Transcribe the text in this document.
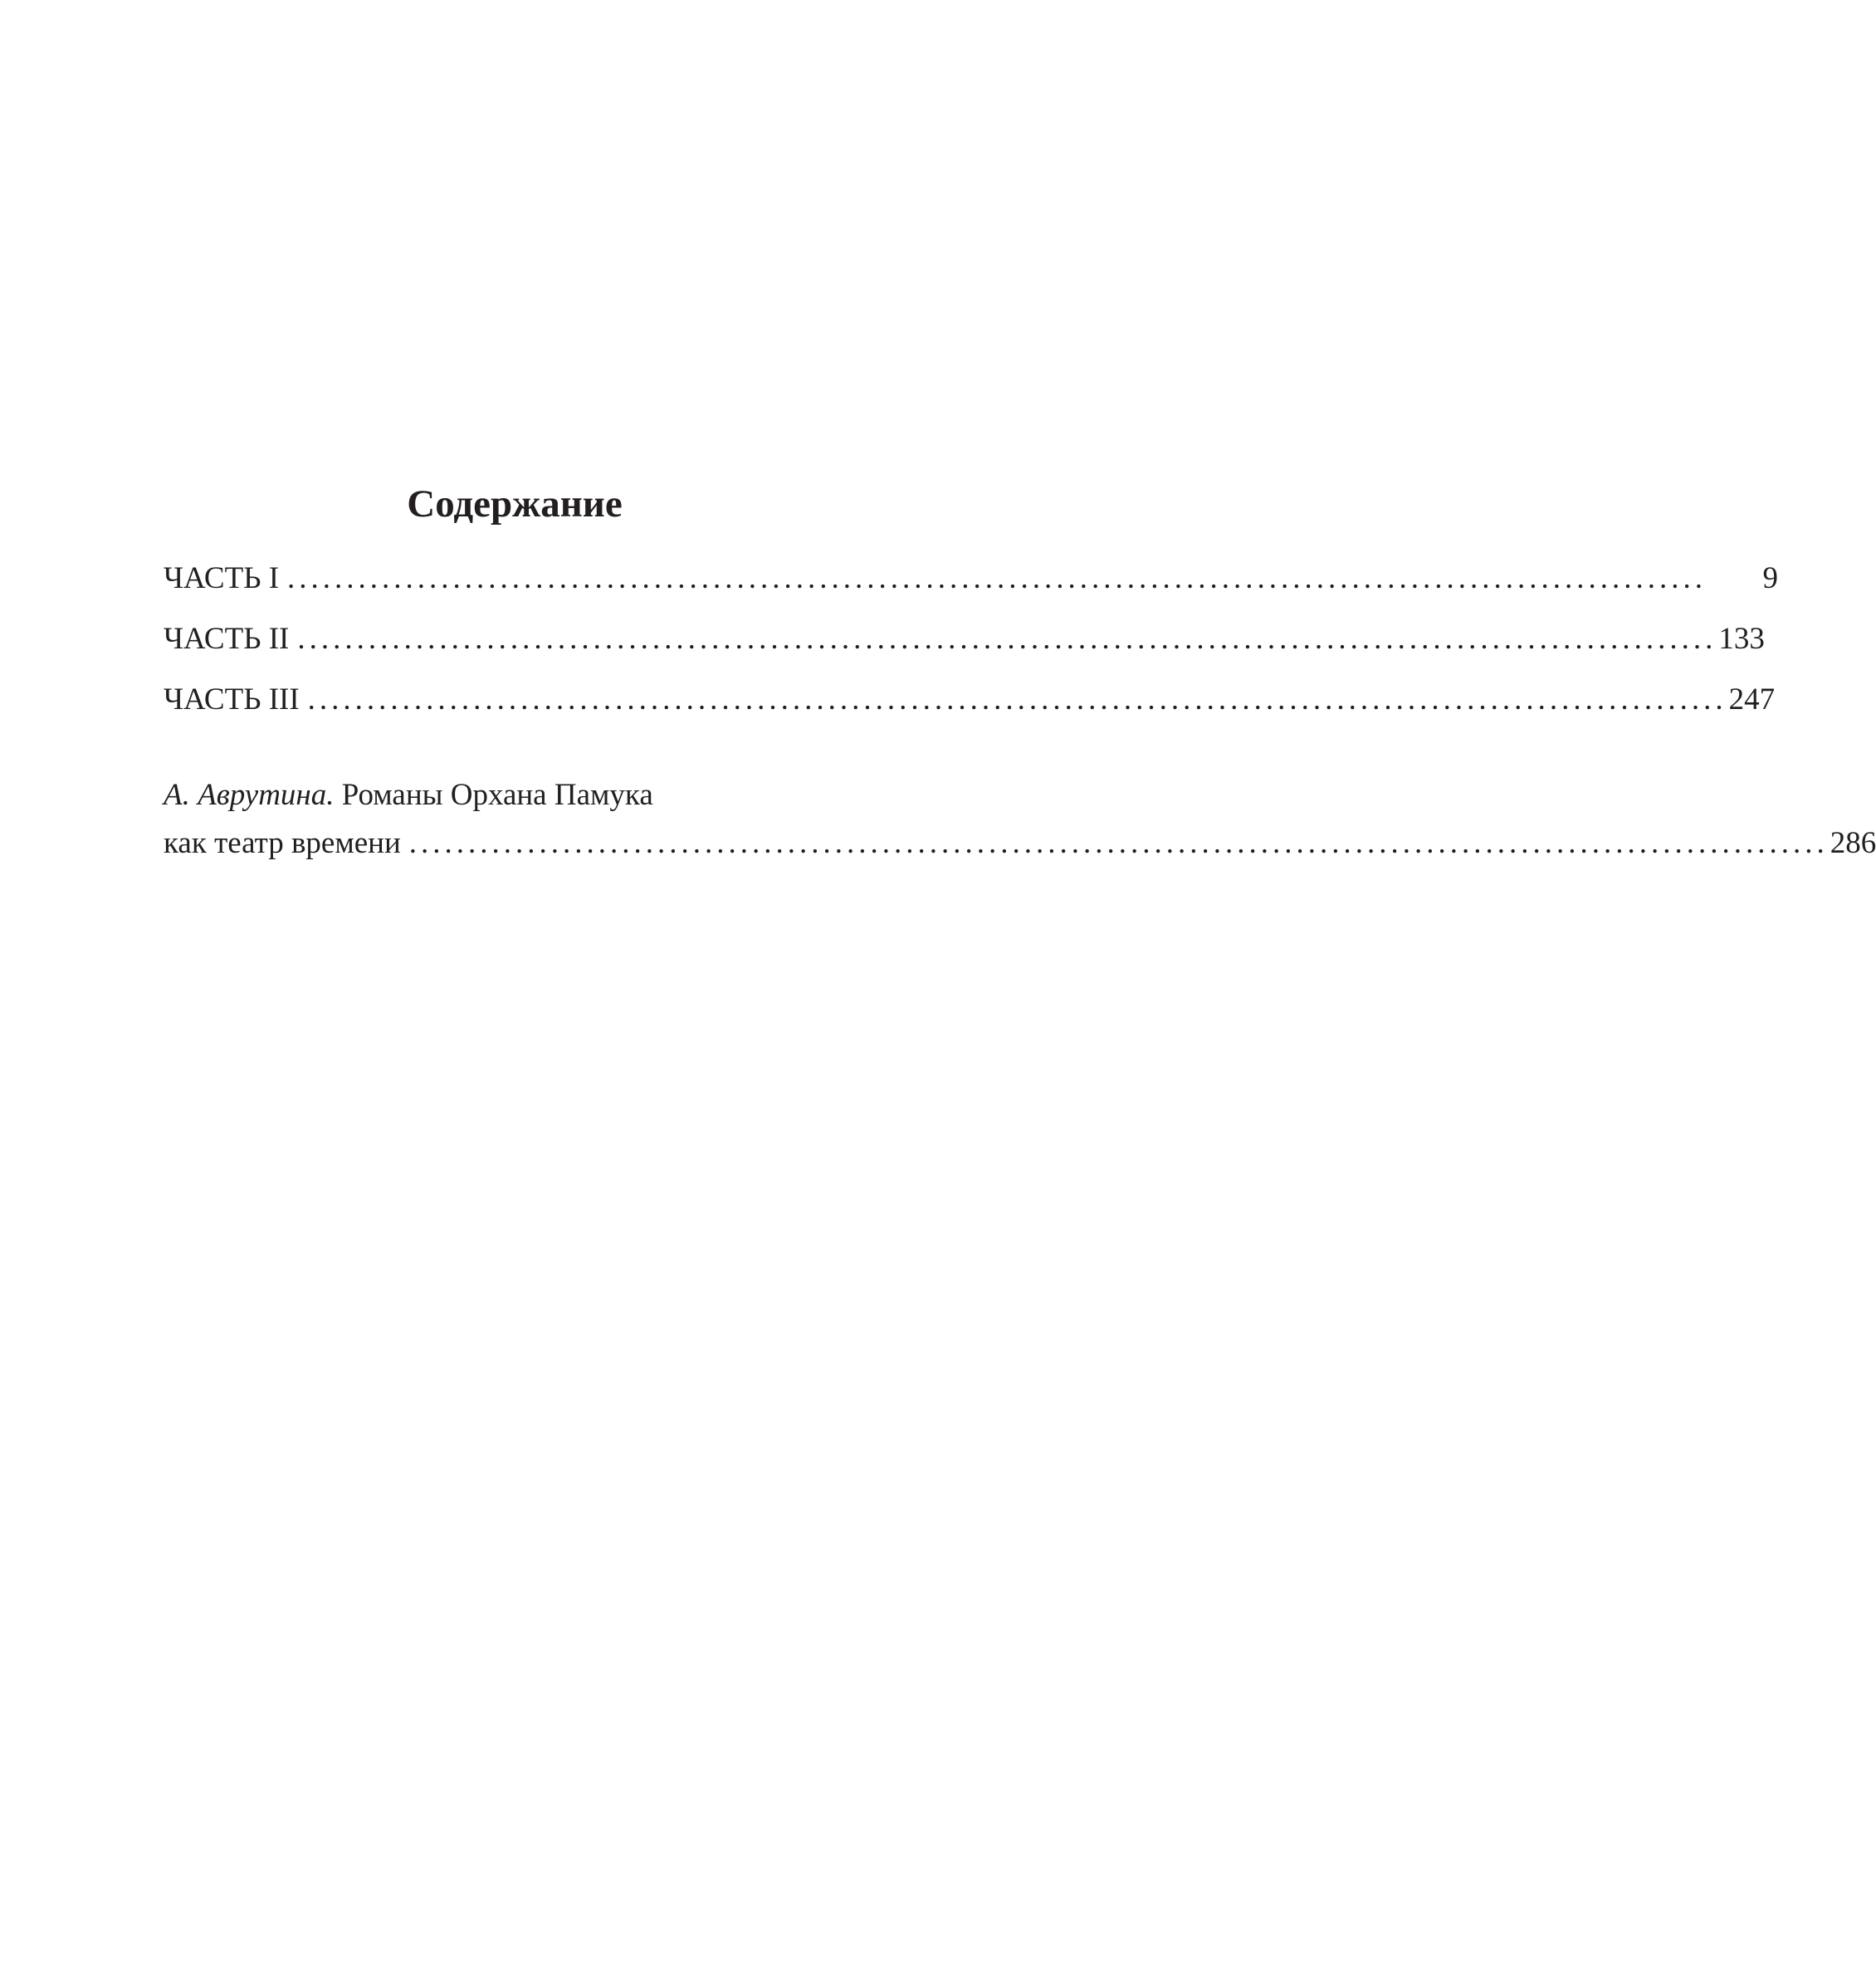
Содержание
ЧАСТЬ I ........................................................................................................................	9
ЧАСТЬ II ........................................................................................................................ 133
ЧАСТЬ III ........................................................................................................................ 247
А. Аврутина. Романы Орхана Памука
как театр времени ........................................................................................................................ 286
